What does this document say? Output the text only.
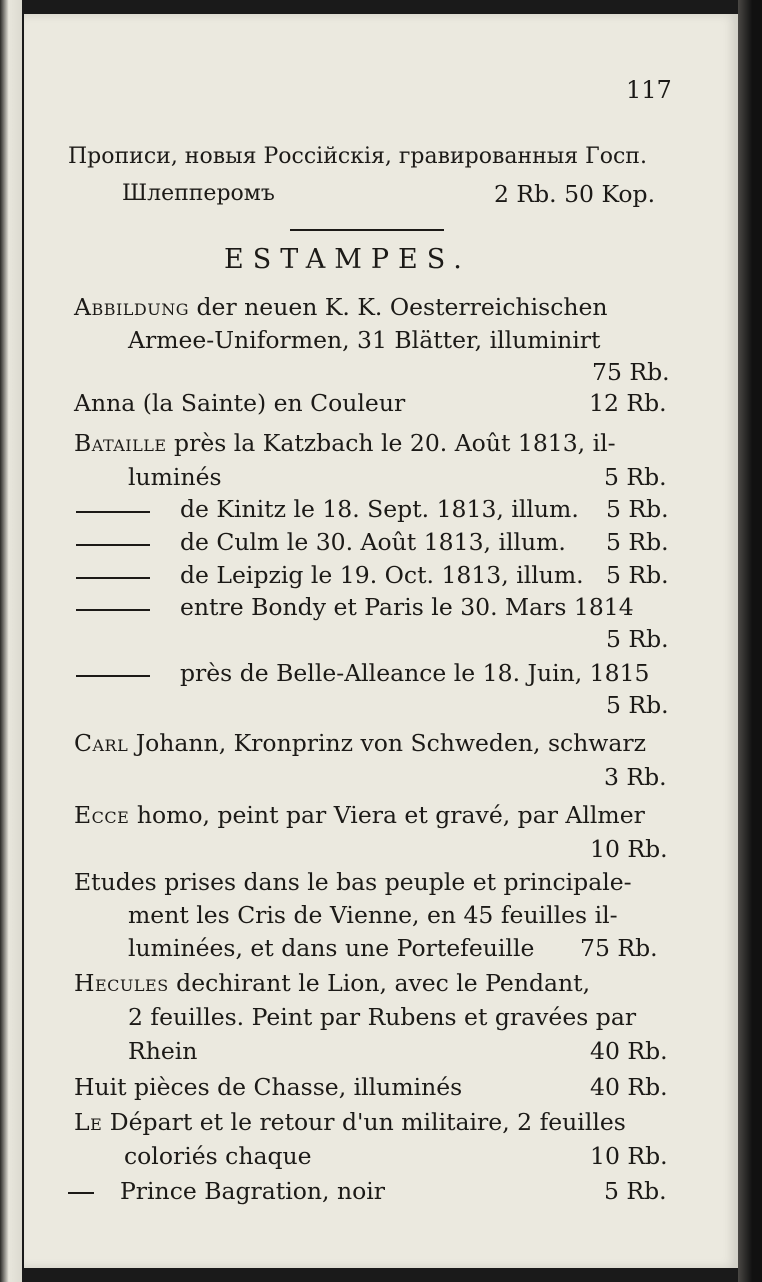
117
Прописи, новыя Россійскія, гравированныя Госп.
Шлепперомъ	2 Rb. 50 Kop.
ESTAMPES.
Abbildung der neuen K. K. Oesterreichischen
Armee-Uniformen, 31 Blätter, illuminirt
75 Rb.
Anna (la Sainte) en Couleur	12 Rb.
Bataille près la Katzbach le 20. Août 1813, il-
luminés	5 Rb.
de Kinitz le 18. Sept. 1813, illum. 5 Rb.
de Culm le 30. Août 1813, illum. 5 Rb.
de Leipzig le 19. Oct. 1813, illum. 5 Rb.
entre Bondy et Paris le 30. Mars 1814
5 Rb.
près de Belle-Alleance le 18. Juin, 1815
5 Rb.
Carl Johann, Kronprinz von Schweden, schwarz
3 Rb.
Ecce homo, peint par Viera et gravé, par Allmer
10 Rb.
Etudes prises dans le bas peuple et principale-
ment les Cris de Vienne, en 45 feuilles il-
luminées, et dans une Portefeuille 75 Rb.
Hecules dechirant le Lion, avec le Pendant,
2 feuilles. Peint par Rubens et gravées par
Rhein	40 Rb.
Huit pièces de Chasse, illuminés	40 Rb.
Le Départ et le retour d'un militaire, 2 feuilles
coloriés chaque	10 Rb.
Prince Bagration, noir	5 Rb.
